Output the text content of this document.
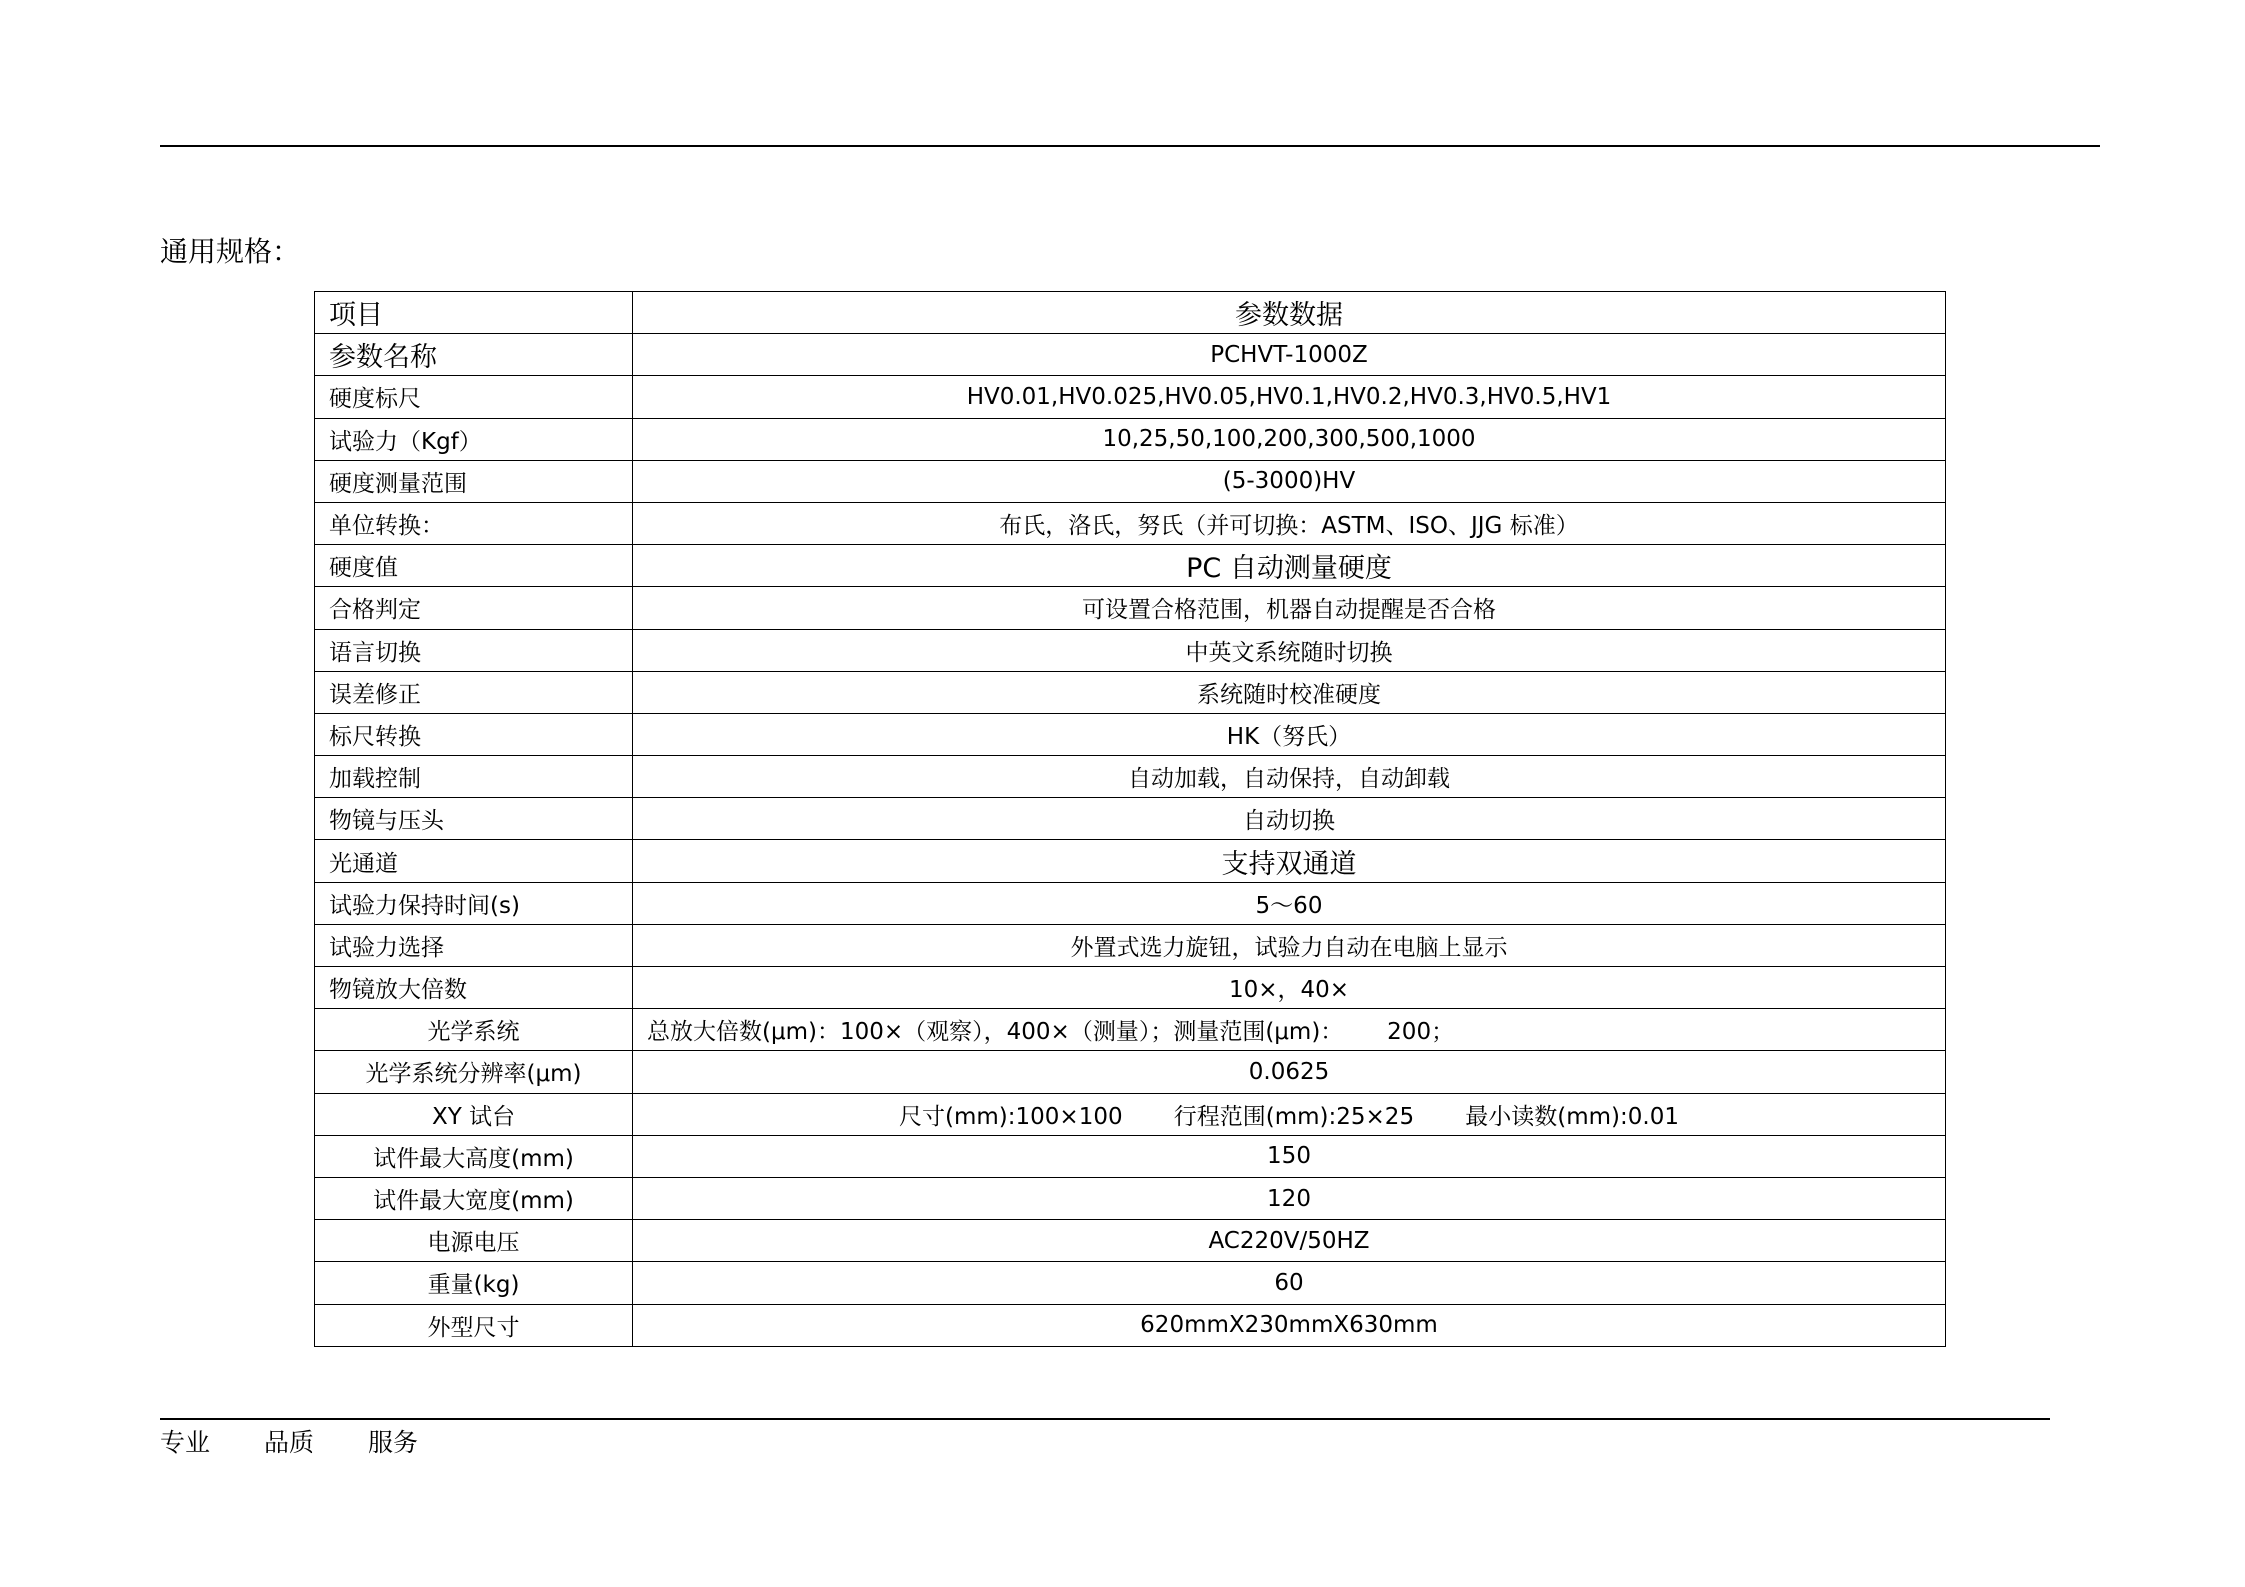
通用规格：
项目	参数数据
参数名称	PCHVT-1000Z
硬度标尺	HV0.01,HV0.025,HV0.05,HV0.1,HV0.2,HV0.3,HV0.5,HV1
试验力（Kgf）	10,25,50,100,200,300,500,1000
硬度测量范围	(5-3000)HV
单位转换：	布氏，洛氏，努氏（并可切换：ASTM、ISO、JJG 标准）
硬度值	PC 自动测量硬度
合格判定	可设置合格范围，机器自动提醒是否合格
语言切换	中英文系统随时切换
误差修正	系统随时校准硬度
标尺转换	HK（努氏）
加载控制	自动加载，自动保持，自动卸载
物镜与压头	自动切换
光通道	支持双通道
试验力保持时间(s)	5～60
试验力选择	外置式选力旋钮，试验力自动在电脑上显示
物镜放大倍数	10×，40×
光学系统	总放大倍数(μm)：100×（观察），400×（测量）；测量范围(μm)：      200；
光学系统分辨率(μm)	0.0625
XY 试台	尺寸(mm):100×100       行程范围(mm):25×25       最小读数(mm):0.01
试件最大高度(mm)	150
试件最大宽度(mm)	120
电源电压	AC220V/50HZ
重量(kg)	60
外型尺寸	620mmX230mmX630mm
专业 品质 服务
